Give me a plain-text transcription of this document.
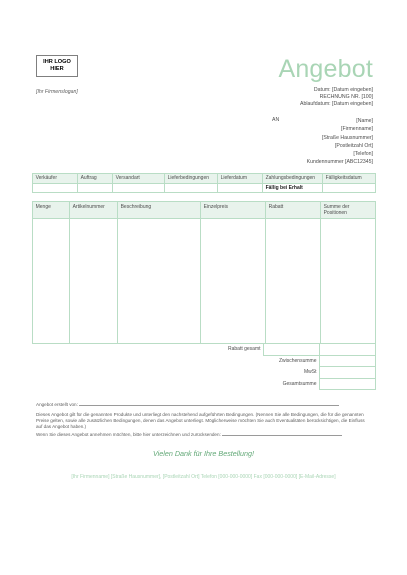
IHR LOGO
HIER	Angebot
[Ihr Firmenslogan]	Datum: [Datum eingeben]
RECHNUNG NR. [100]
Ablaufdatum: [Datum eingeben]
AN	[Name]
[Firmenname]
[Straße Hausnummer]
[Postleitzahl Ort]
[Telefon]
Kundennummer [ABC12345]
Verkäufer	Auftrag	Versandart	Lieferbedingungen	Lieferdatum	Zahlungsbedingungen	Fälligkeitsdatum
					Fällig bei Erhalt	
Menge	Artikelnummer	Beschreibung	Einzelpreis	Rabatt	Summe der Positionen

Rabatt gesamt		
	Zwischensumme	
	MwSt	
	Gesamtsumme	
Angebot erstellt von:
Dieses Angebot gilt für die genannten Produkte und unterliegt den nachstehend aufgeführten Bedingungen. (Nennen Sie alle Bedingungen, die für die genannten Preise gelten, sowie alle zusätzlichen Bedingungen, denen das Angebot unterliegt. Möglicherweise möchten Sie auch Eventualitäten berücksichtigen, die Einfluss auf das Angebot haben.)
Wenn Sie dieses Angebot annehmen möchten, bitte hier unterzeichnen und zurücksenden:
Vielen Dank für Ihre Bestellung!
[Ihr Firmenname] [Straße Hausnummer], [Postleitzahl Ort] Telefon [000-000-0000] Fax [000-000-0000] [E-Mail-Adresse]
